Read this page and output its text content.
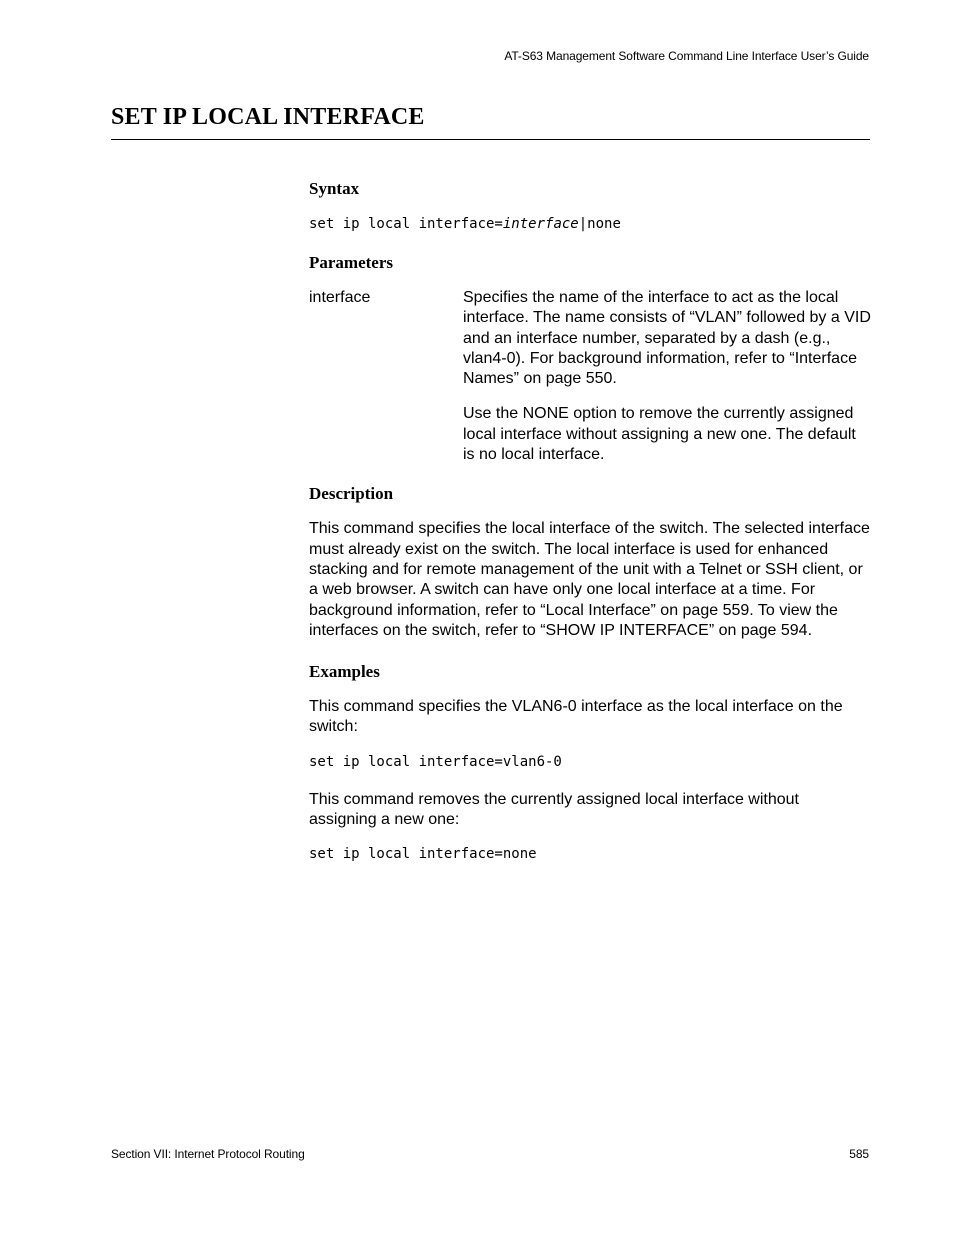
AT-S63 Management Software Command Line Interface User’s Guide
SET IP LOCAL INTERFACE
Syntax
set ip local interface=interface|none
Parameters
interface	Specifies the name of the interface to act as the local interface. The name consists of “VLAN” followed by a VID and an interface number, separated by a dash (e.g., vlan4-0). For background information, refer to “Interface Names” on page 550.

Use the NONE option to remove the currently assigned local interface without assigning a new one. The default is no local interface.

Description

This command specifies the local interface of the switch. The selected interface must already exist on the switch. The local interface is used for enhanced stacking and for remote management of the unit with a Telnet or SSH client, or a web browser. A switch can have only one local interface at a time. For background information, refer to “Local Interface” on page 559. To view the interfaces on the switch, refer to “SHOW IP INTERFACE” on page 594.

Examples

This command specifies the VLAN6-0 interface as the local interface on the switch:

set ip local interface=vlan6-0

This command removes the currently assigned local interface without assigning a new one:

set ip local interface=none
Section VII: Internet Protocol Routing	585
